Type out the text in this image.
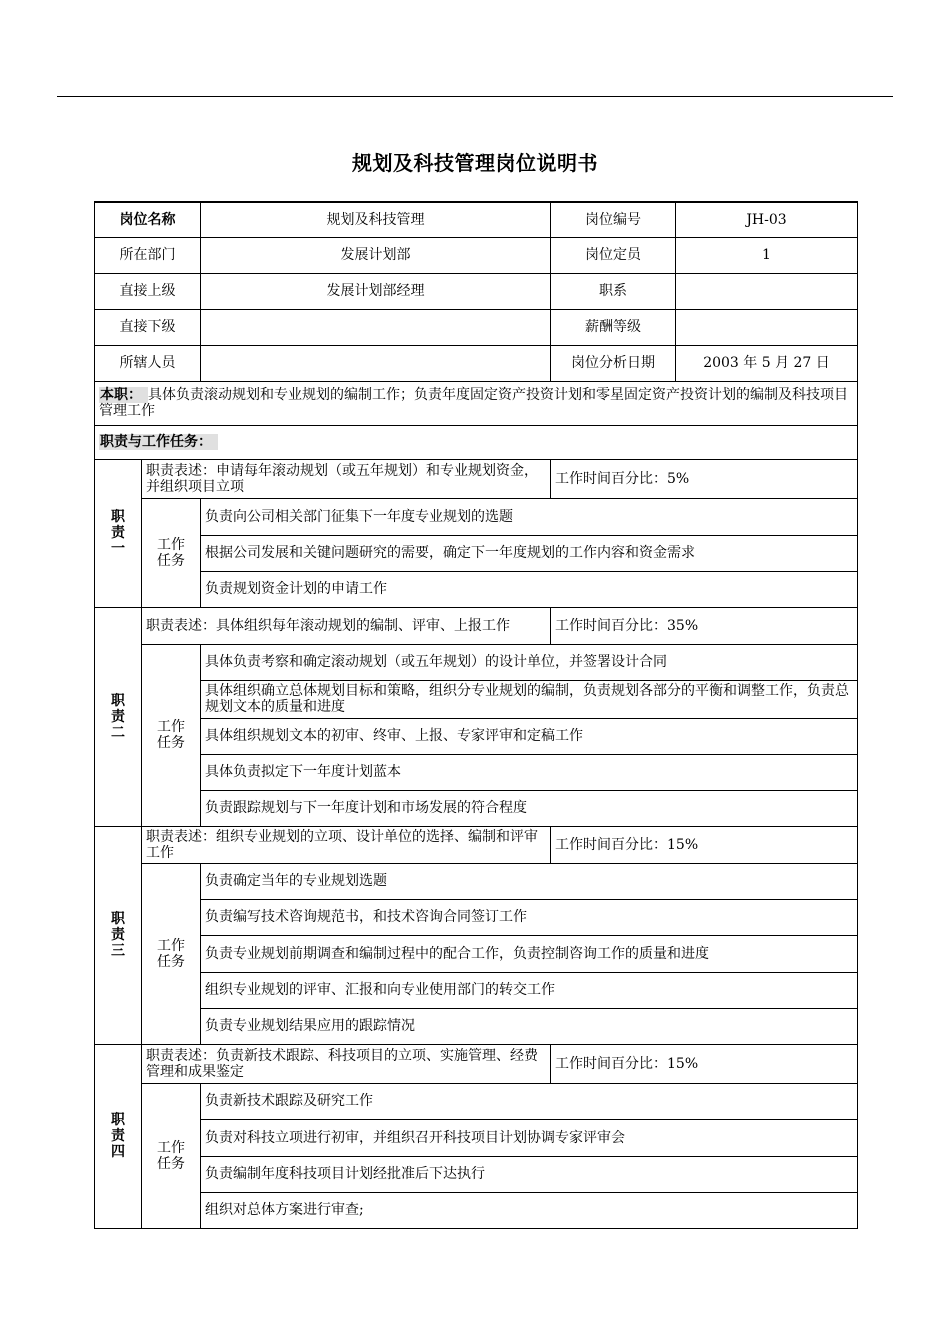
规划及科技管理岗位说明书
岗位名称		规划及科技管理	岗位编号	JH-03
所在部门		发展计划部	岗位定员	1
直接上级		发展计划部经理	职系	
直接下级			薪酬等级	
所辖人员			岗位分析日期	2003 年 5 月 27 日
本职： 具体负责滚动规划和专业规划的编制工作；负责年度固定资产投资计划和零星固定资产投资计划的编制及科技项目管理工作				
职责与工作任务：				
职责一	职责表述：申请每年滚动规划（或五年规划）和专业规划资金，并组织项目立项		工作时间百分比：5%	
	工作任务	负责向公司相关部门征集下一年度专业规划的选题		
		根据公司发展和关键问题研究的需要，确定下一年度规划的工作内容和资金需求		
		负责规划资金计划的申请工作		
职责二	职责表述：具体组织每年滚动规划的编制、评审、上报工作		工作时间百分比：35%	
	工作任务	具体负责考察和确定滚动规划（或五年规划）的设计单位，并签署设计合同		
		具体组织确立总体规划目标和策略，组织分专业规划的编制，负责规划各部分的平衡和调整工作，负责总规划文本的质量和进度		
		具体组织规划文本的初审、终审、上报、专家评审和定稿工作		
		具体负责拟定下一年度计划蓝本		
		负责跟踪规划与下一年度计划和市场发展的符合程度		
职责三	职责表述：组织专业规划的立项、设计单位的选择、编制和评审工作		工作时间百分比：15%	
	工作任务	负责确定当年的专业规划选题		
		负责编写技术咨询规范书，和技术咨询合同签订工作		
		负责专业规划前期调查和编制过程中的配合工作，负责控制咨询工作的质量和进度		
		组织专业规划的评审、汇报和向专业使用部门的转交工作		
		负责专业规划结果应用的跟踪情况		
职责四	职责表述：负责新技术跟踪、科技项目的立项、实施管理、经费管理和成果鉴定		工作时间百分比：15%	
	工作任务	负责新技术跟踪及研究工作		
		负责对科技立项进行初审，并组织召开科技项目计划协调专家评审会		
		负责编制年度科技项目计划经批准后下达执行		
		组织对总体方案进行审查;		
